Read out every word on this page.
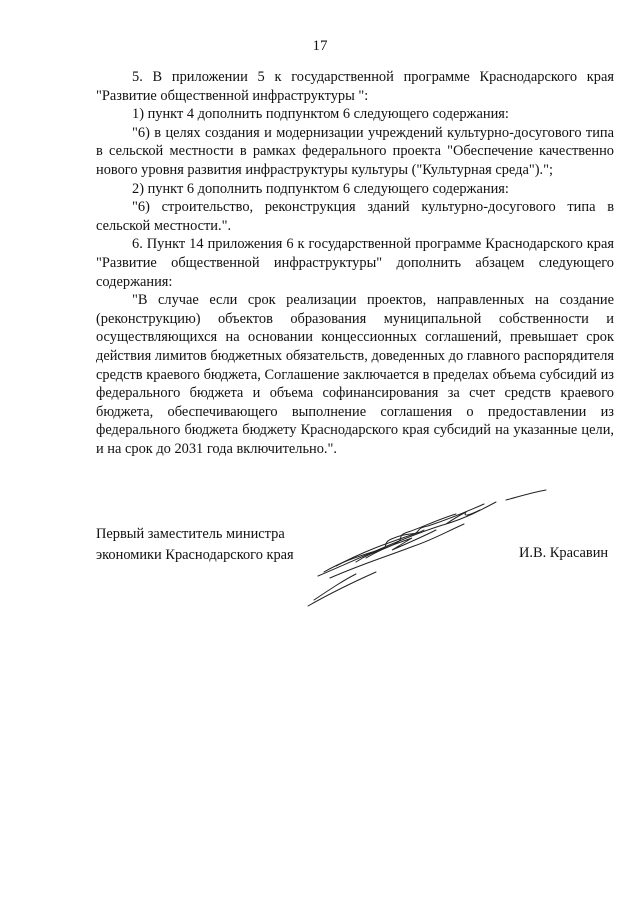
17

5. В приложении 5 к государственной программе Краснодарского края "Развитие общественной инфраструктуры ":

1) пункт 4 дополнить подпунктом 6 следующего содержания:

"6) в целях создания и модернизации учреждений культурно-досугового типа в сельской местности в рамках федерального проекта "Обеспечение качественно нового уровня развития инфраструктуры культуры ("Культурная среда").";

2) пункт 6 дополнить подпунктом 6 следующего содержания:

"6) строительство, реконструкция зданий культурно-досугового типа в сельской местности.".

6. Пункт 14 приложения 6 к государственной программе Краснодарского края "Развитие общественной инфраструктуры" дополнить абзацем следующего содержания:

"В случае если срок реализации проектов, направленных на создание (реконструкцию) объектов образования муниципальной собственности и осуществляющихся на основании концессионных соглашений, превышает срок действия лимитов бюджетных обязательств, доведенных до главного распорядителя средств краевого бюджета, Соглашение заключается в пределах объема субсидий из федерального бюджета и объема софинансирования за счет средств краевого бюджета, обеспечивающего выполнение соглашения о предоставлении из федерального бюджета бюджету Краснодарского края субсидий на указанные цели, и на срок до 2031 года включительно.".

Первый заместитель министра
экономики Краснодарского края	И.В. Красавин
